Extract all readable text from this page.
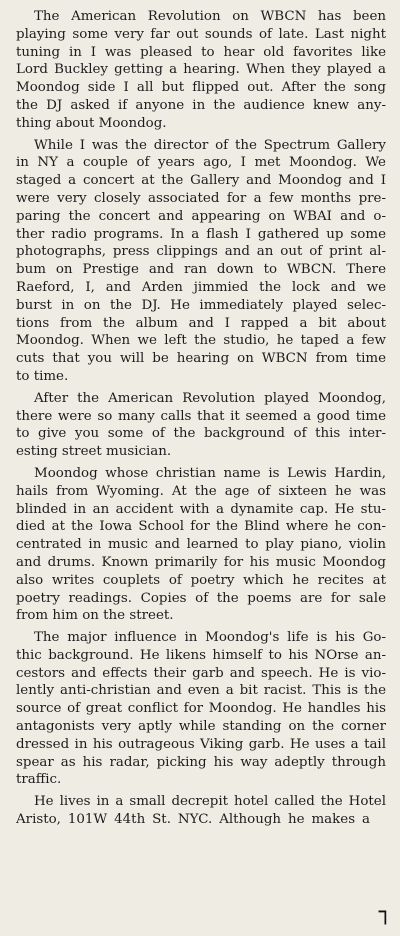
The American Revolution on WBCN has been
playing some very far out sounds of late. Last night
tuning in I was pleased to hear old favorites like
Lord Buckley getting a hearing. When they played a
Moondog side I all but flipped out. After the song
the DJ asked if anyone in the audience knew any-
thing about Moondog.
While I was the director of the Spectrum Gallery
in NY a couple of years ago, I met Moondog. We
staged a concert at the Gallery and Moondog and I
were very closely associated for a few months pre-
paring the concert and appearing on WBAI and o-
ther radio programs. In a flash I gathered up some
photographs, press clippings and an out of print al-
bum on Prestige and ran down to WBCN. There
Raeford, I, and Arden jimmied the lock and we
burst in on the DJ. He immediately played selec-
tions from the album and I rapped a bit about
Moondog. When we left the studio, he taped a few
cuts that you will be hearing on WBCN from time
to time.
After the American Revolution played Moondog,
there were so many calls that it seemed a good time
to give you some of the background of this inter-
esting street musician.
Moondog whose christian name is Lewis Hardin,
hails from Wyoming. At the age of sixteen he was
blinded in an accident with a dynamite cap. He stu-
died at the Iowa School for the Blind where he con-
centrated in music and learned to play piano, violin
and drums. Known primarily for his music Moondog
also writes couplets of poetry which he recites at
poetry readings. Copies of the poems are for sale
from him on the street.
The major influence in Moondog's life is his Go-
thic background. He likens himself to his NOrse an-
cestors and effects their garb and speech. He is vio-
lently anti-christian and even a bit racist. This is the
source of great conflict for Moondog. He handles his
antagonists very aptly while standing on the corner
dressed in his outrageous Viking garb. He uses a tail
spear as his radar, picking his way adeptly through
traffic.
He lives in a small decrepit hotel called the Hotel
Aristo, 101W 44th St. NYC. Although he makes a
┐
